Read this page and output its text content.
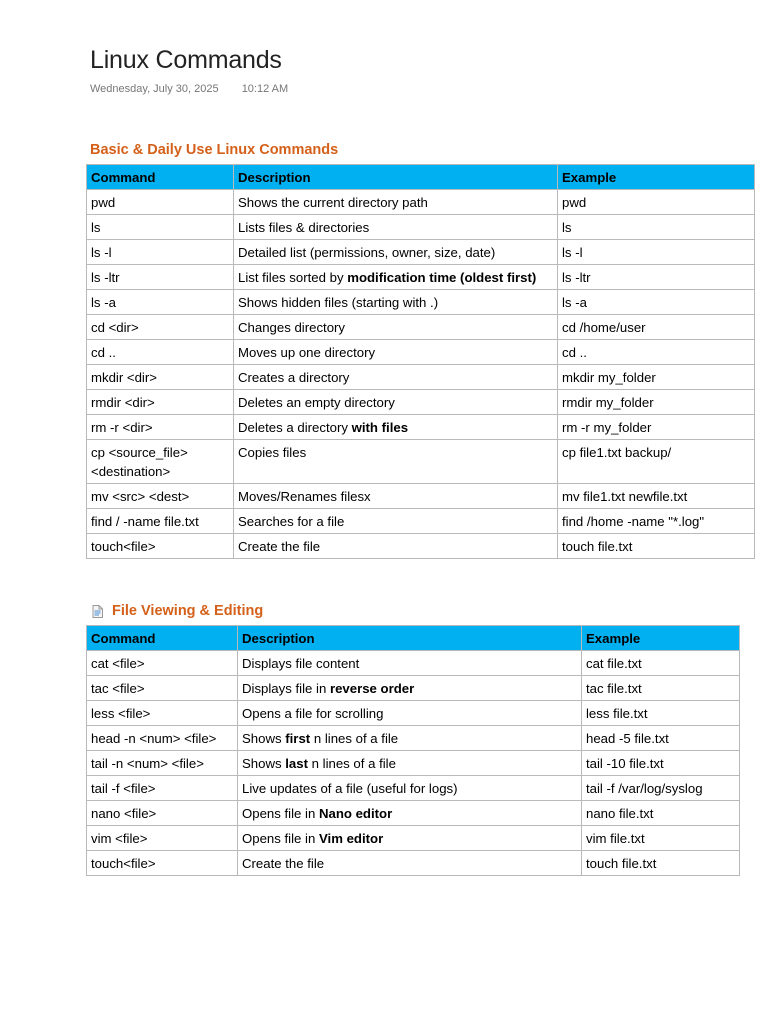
Linux Commands
Wednesday, July 30, 2025 10:12 AM
Basic & Daily Use Linux Commands
Command	Description	Example
pwd	Shows the current directory path	pwd
ls	Lists files & directories	ls
ls -l	Detailed list (permissions, owner, size, date)	ls -l
ls -ltr	List files sorted by modification time (oldest first)	ls -ltr
ls -a	Shows hidden files (starting with .)	ls -a
cd <dir>	Changes directory	cd /home/user
cd ..	Moves up one directory	cd ..
mkdir <dir>	Creates a directory	mkdir my_folder
rmdir <dir>	Deletes an empty directory	rmdir my_folder
rm -r <dir>	Deletes a directory with files	rm -r my_folder
cp <source_file> <destination>	Copies files	cp file1.txt backup/
mv <src> <dest>	Moves/Renames filesx	mv file1.txt newfile.txt
find / -name file.txt	Searches for a file	find /home -name "*.log"
touch<file>	Create the file	touch file.txt
File Viewing & Editing
Command	Description	Example
cat <file>	Displays file content	cat file.txt
tac <file>	Displays file in reverse order	tac file.txt
less <file>	Opens a file for scrolling	less file.txt
head -n <num> <file>	Shows first n lines of a file	head -5 file.txt
tail -n <num> <file>	Shows last n lines of a file	tail -10 file.txt
tail -f <file>	Live updates of a file (useful for logs)	tail -f /var/log/syslog
nano <file>	Opens file in Nano editor	nano file.txt
vim <file>	Opens file in Vim editor	vim file.txt
touch<file>	Create the file	touch file.txt
